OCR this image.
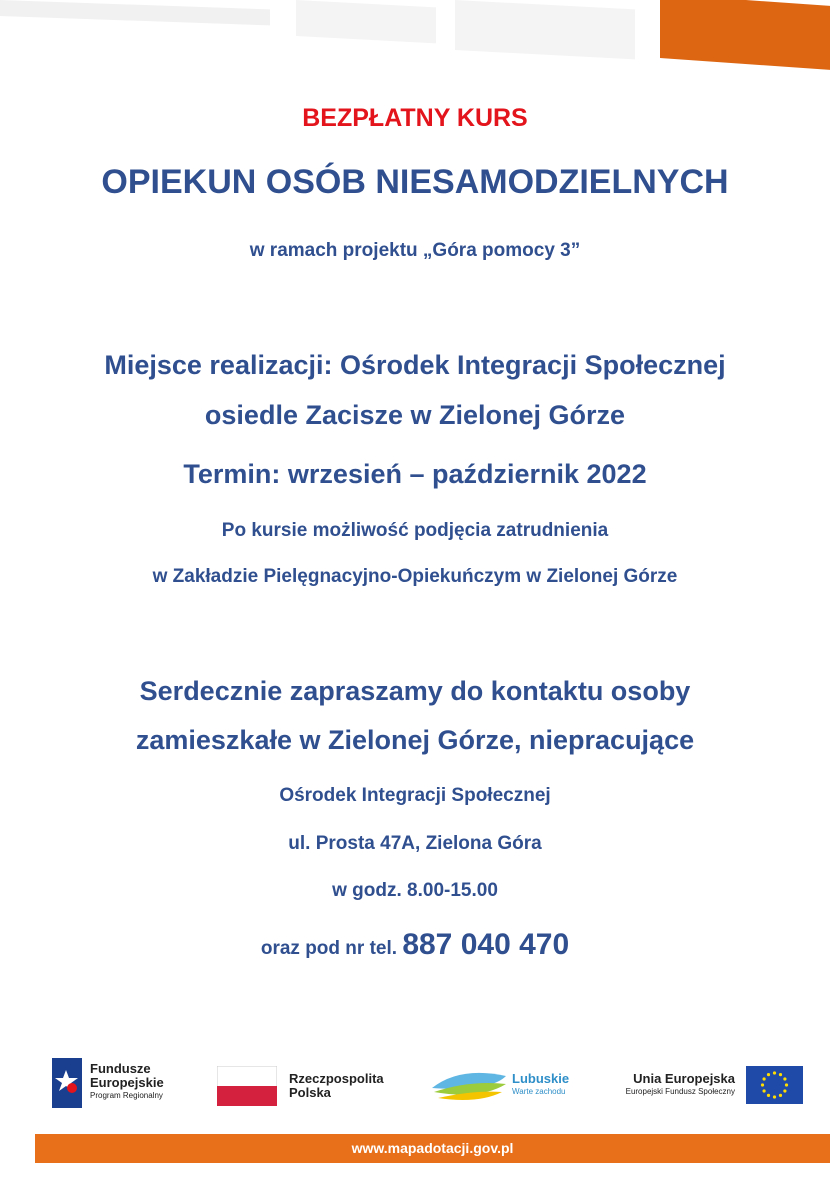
BEZPŁATNY KURS
OPIEKUN OSÓB NIESAMODZIELNYCH
w ramach projektu „Góra pomocy 3”
Miejsce realizacji: Ośrodek Integracji Społecznej
osiedle Zacisze w Zielonej Górze
Termin: wrzesień – październik 2022
Po kursie możliwość podjęcia zatrudnienia
w Zakładzie Pielęgnacyjno-Opiekuńczym w Zielonej Górze
Serdecznie zapraszamy do kontaktu osoby
zamieszkałe w Zielonej Górze, niepracujące
Ośrodek Integracji Społecznej
ul. Prosta 47A, Zielona Góra
w godz. 8.00-15.00
oraz pod nr tel. 887 040 470
Fundusze
Europejskie
Program Regionalny
Rzeczpospolita
Polska
Lubuskie
Warte zachodu
Unia Europejska
Europejski Fundusz Społeczny
www.mapadotacji.gov.pl
